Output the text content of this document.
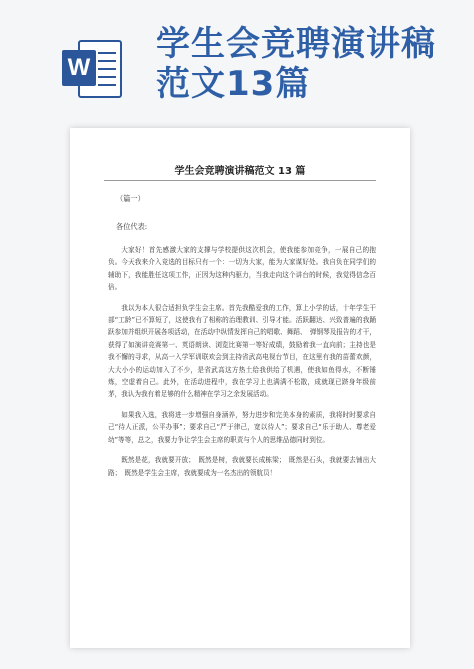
W
学生会竞聘演讲稿范文13篇
学生会竞聘演讲稿范文 13 篇
（篇一）
各位代表:

大家好！首先感激大家的支撑与学校提供这次机会，使我能参加竞争，一展自己的抱负。今天我来介入竞选的目标只有一个：一切为大家，能为大家谋好处。我自负在同学们的辅助下，我能胜任这项工作，正因为这种内驱力，当我走向这个讲台的时候，我觉得信念百倍。

我以为本人很合适担负学生会主席。首先我酷爱我的工作，算上小学的话，十年学生干部“工龄”已不算短了，这使我有了相称的治理教训、引导才能。活跃翻达、兴致普遍的我踊跃参加并组织开展各项活动，在活动中纵情发挥自己的唱歌、舞蹈、　弹钢琴及报告的才干，获得了如演讲竞赛第一、英语朗读、浏览比赛第一等好成绩，鼓励着我一直向前；主持也是我不懈的寻求，从高一入学军训联欢会到主持省武高电视台节目，在这里有我的苗蕾欢颜，大大小小的运动加入了不少，是省武高这方热土给我供给了机遇，使我如鱼得水，不断锤炼，空虚着自己。此外，在活动进程中，我在学习上也满满不松散，成就现已跻身年级前茅，我认为我有着足够的什么精神在学习之余发展活动。

如果我入选，我将进一步增强自身涵养，努力进步和完美本身的素质，我将时时要求自己“待人正派，公平办事”；要求自己“严于律己，宽以待人”；要求自己“乐于助人、尊老爱幼”等等，总之，我要力争让学生会主席的职责与个人的思维品德同时到位。

既然是花，我就要开放；　既然是树，我就要长成栋梁；　既然是石头，我就要去铺出大路；　既然是学生会主席，我就要成为一名杰出的领航员！
